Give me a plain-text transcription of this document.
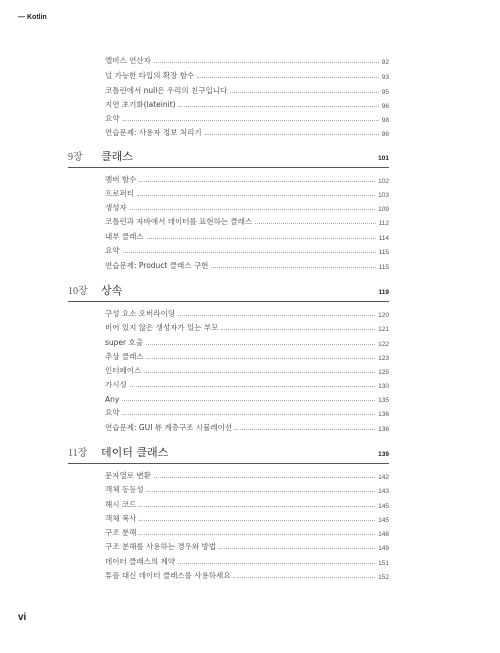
— Kotlin
엘비스 연산자	92
널 가능한 타입의 확장 함수	93
코틀린에서 null은 우리의 친구입니다	95
지연 초기화(lateinit)	96
요약	98
연습문제: 사용자 정보 처리기	98
9장 클래스	101
멤버 함수	102
프로퍼티	103
생성자	109
코틀린과 자바에서 데이터를 표현하는 클래스	112
내부 클래스	114
요약	115
연습문제: Product 클래스 구현	115
10장 상속	119
구성 요소 오버라이딩	120
비어 있지 않은 생성자가 있는 부모	121
super 호출	122
추상 클래스	123
인터페이스	125
가시성	130
Any	135
요약	136
연습문제: GUI 뷰 계층구조 시뮬레이션	136
11장 데이터 클래스	139
문자열로 변환	142
객체 동등성	143
해시 코드	145
객체 복사	145
구조 분해	148
구조 분해를 사용하는 경우와 방법	149
데이터 클래스의 제약	151
튜플 대신 데이터 클래스를 사용하세요	152
vi
